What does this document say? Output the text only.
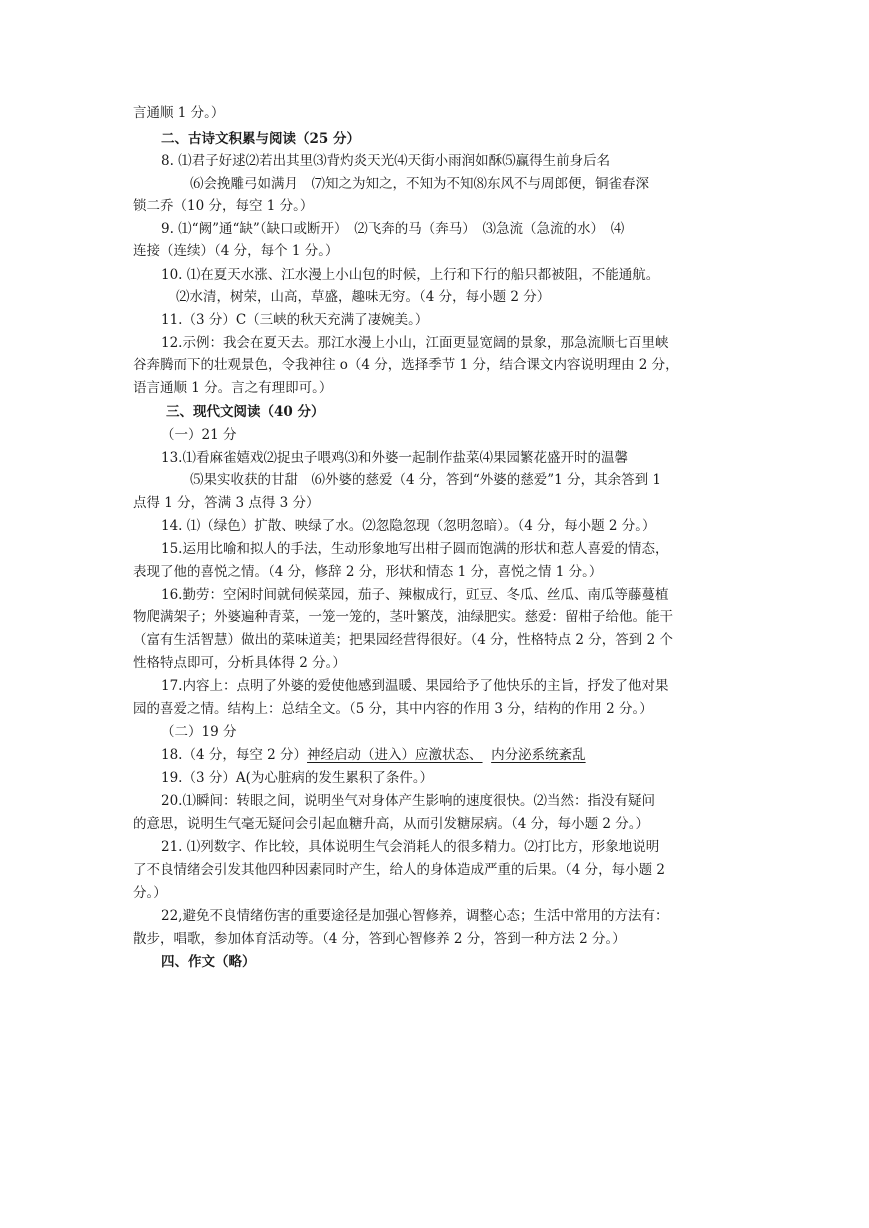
言通顺 1 分。）
二、古诗文积累与阅读（25 分）
8. ⑴君子好逑⑵若出其里⑶背灼炎天光⑷天街小雨润如酥⑸赢得生前身后名
⑹会挽雕弓如满月　⑺知之为知之，不知为不知⑻东风不与周郎便，铜雀春深
锁二乔（10 分，每空 1 分。）
9. ⑴“阙”通“缺”（缺口或断开）　⑵飞奔的马（奔马）　⑶急流（急流的水）　⑷
连接（连续）（4 分，每个 1 分。）
10. ⑴在夏天水涨、江水漫上小山包的时候，上行和下行的船只都被阻，不能通航。
⑵水清，树荣，山高，草盛，趣味无穷。（4 分，每小题 2 分）
11.（3 分）C（三峡的秋天充满了凄婉美。）
12.示例：我会在夏天去。那江水漫上小山，江面更显宽阔的景象，那急流顺七百里峡
谷奔腾而下的壮观景色，令我神往 o（4 分，选择季节 1 分，结合课文内容说明理由 2 分，
语言通顺 1 分。言之有理即可。）
三、现代文阅读（40 分）
（一）21 分
13.⑴看麻雀嬉戏⑵捉虫子喂鸡⑶和外婆一起制作盐菜⑷果园繁花盛开时的温馨
⑸果实收获的甘甜　⑹外婆的慈爱（4 分，答到“外婆的慈爱”1 分，其余答到 1
点得 1 分，答满 3 点得 3 分）
14. ⑴（绿色）扩散、映绿了水。⑵忽隐忽现（忽明忽暗）。（4 分，每小题 2 分。）
15.运用比喻和拟人的手法，生动形象地写出柑子圆而饱满的形状和惹人喜爱的情态，
表现了他的喜悦之情。（4 分，修辞 2 分，形状和情态 1 分，喜悦之情 1 分。）
16.勤劳：空闲时间就伺候菜园，茄子、辣椒成行，豇豆、冬瓜、丝瓜、南瓜等藤蔓植
物爬满架子；外婆遍种青菜，一笼一笼的，茎叶繁茂，油绿肥实。慈爱：留柑子给他。能干
（富有生活智慧）做出的菜味道美；把果园经营得很好。（4 分，性格特点 2 分，答到 2 个
性格特点即可，分析具体得 2 分。）
17.内容上：点明了外婆的爱使他感到温暖、果园给予了他快乐的主旨，抒发了他对果
园的喜爱之情。结构上：总结全文。（5 分，其中内容的作用 3 分，结构的作用 2 分。）
（二）19 分
18.（4 分，每空 2 分）神经启动（进入）应激状态、 内分泌系统紊乱
19.（3 分）A(为心脏病的发生累积了条件。）
20.⑴瞬间：转眼之间，说明坐气对身体产生影响的速度很快。⑵当然：指没有疑问
的意思，说明生气毫无疑问会引起血糖升高，从而引发糖尿病。（4 分，每小题 2 分。）
21. ⑴列数字、作比较，具体说明生气会消耗人的很多精力。⑵打比方，形象地说明
了不良情绪会引发其他四种因素同时产生，给人的身体造成严重的后果。（4 分，每小题 2
分。）
22,避免不良情绪伤害的重要途径是加强心智修养，调整心态；生活中常用的方法有：
散步，唱歌，参加体育活动等。（4 分，答到心智修养 2 分，答到一种方法 2 分。）
四、作文（略）
